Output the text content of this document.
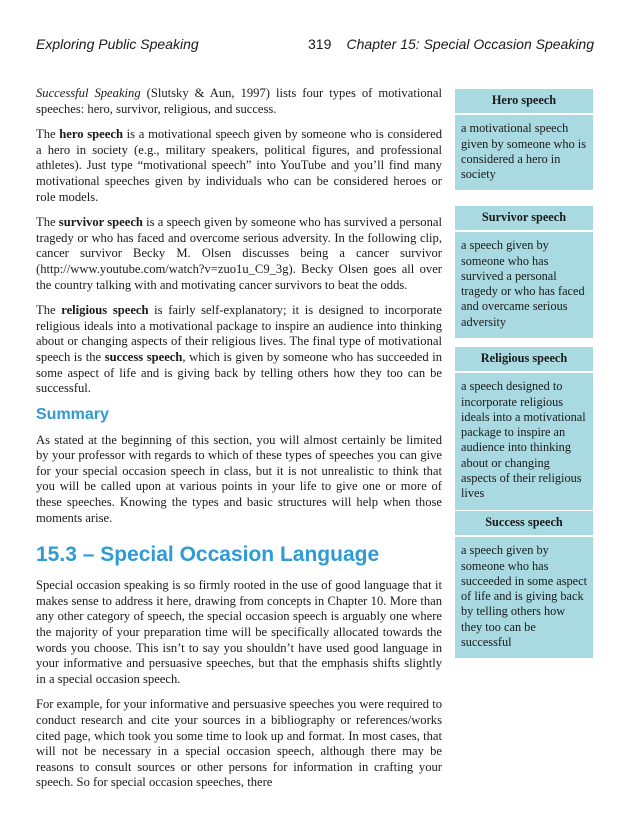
Exploring Public Speaking	319 Chapter 15: Special Occasion Speaking

Successful Speaking (Slutsky & Aun, 1997) lists four types of motivational speeches: hero, survivor, religious, and success.

The hero speech is a motivational speech given by someone who is considered a hero in society (e.g., military speakers, political figures, and professional athletes). Just type “motivational speech” into YouTube and you’ll find many motivational speeches given by individuals who can be considered heroes or role models.

The survivor speech is a speech given by someone who has survived a personal tragedy or who has faced and overcome serious adversity. In the following clip, cancer survivor Becky M. Olsen discusses being a cancer survivor (http://www.youtube.com/watch?v=zuo1u_C9_3g). Becky Olsen goes all over the country talking with and motivating cancer survivors to beat the odds.

The religious speech is fairly self-explanatory; it is designed to incorporate religious ideals into a motivational package to inspire an audience into thinking about or changing aspects of their religious lives. The final type of motivational speech is the success speech, which is given by someone who has succeeded in some aspect of life and is giving back by telling others how they too can be successful.

Summary

As stated at the beginning of this section, you will almost certainly be limited by your professor with regards to which of these types of speeches you can give for your special occasion speech in class, but it is not unrealistic to think that you will be called upon at various points in your life to give one or more of these speeches. Knowing the types and basic structures will help when those moments arise.

15.3 – Special Occasion Language

Special occasion speaking is so firmly rooted in the use of good language that it makes sense to address it here, drawing from concepts in Chapter 10. More than any other category of speech, the special occasion speech is arguably one where the majority of your preparation time will be specifically allocated towards the words you choose. This isn’t to say you shouldn’t have used good language in your informative and persuasive speeches, but that the emphasis shifts slightly in a special occasion speech.

For example, for your informative and persuasive speeches you were required to conduct research and cite your sources in a bibliography or references/works cited page, which took you some time to look up and format. In most cases, that will not be necessary in a special occasion speech, although there may be reasons to consult sources or other persons for information in crafting your speech. So for special occasion speeches, there

Hero speech
a motivational speech given by someone who is considered a hero in society
Survivor speech
a speech given by someone who has survived a personal tragedy or who has faced and overcame serious adversity
Religious speech
a speech designed to incorporate religious ideals into a motivational package to inspire an audience into thinking about or changing aspects of their religious lives
Success speech
a speech given by someone who has succeeded in some aspect of life and is giving back by telling others how they too can be successful
